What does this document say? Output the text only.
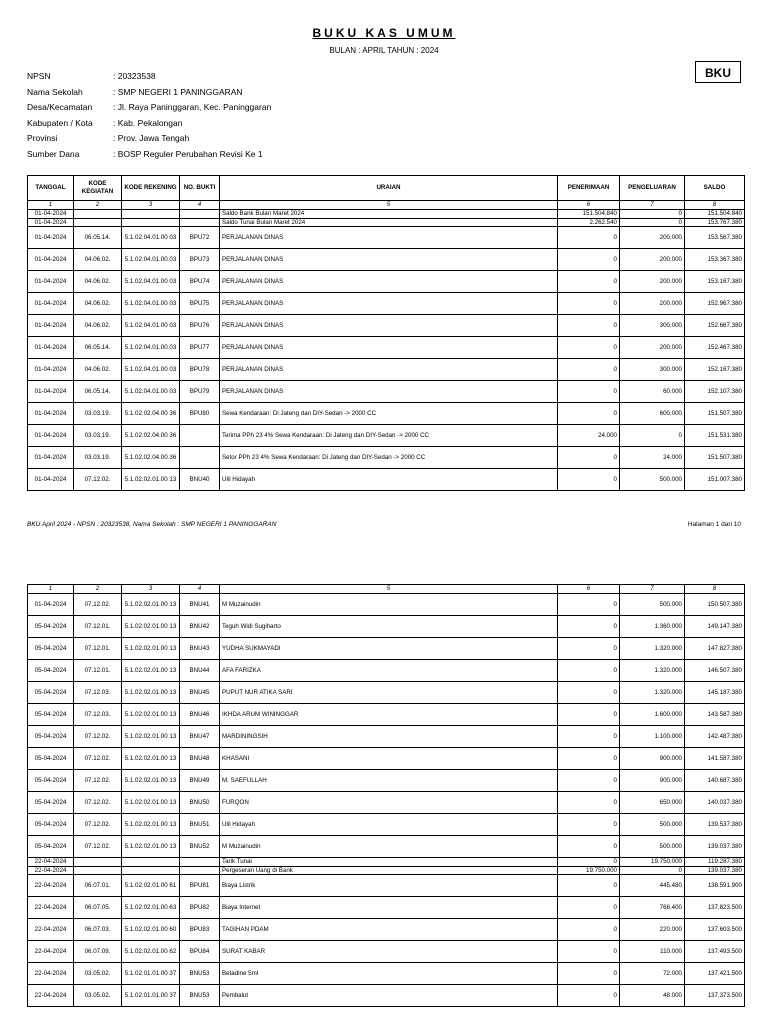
BUKU KAS UMUM
BULAN : APRIL TAHUN : 2024
BKU
NPSN	: 20323538
Nama Sekolah	: SMP NEGERI 1 PANINGGARAN
Desa/Kecamatan : Jl. Raya Paninggaran, Kec. Paninggaran
Kabupaten / Kota : Kab. Pekalongan
Provinsi	: Prov. Jawa Tengah
Sumber Dana	: BOSP Reguler Perubahan Revisi Ke 1
TANGGAL	KODE KEGIATAN	KODE REKENING	NO. BUKTI	URAIAN	PENERIMAAN	PENGELUARAN	SALDO
1	2	3	4	5	6	7	8
01-04-2024				Saldo Bank Bulan Maret 2024	151.504.840	0	151.504.840
01-04-2024				Saldo Tunai Bulan Maret 2024	2.262.540	0	153.767.380
01-04-2024	06.05.14.	5.1.02.04.01.00 03	BPU72	PERJALANAN DINAS	0	200.000	153.567.380
01-04-2024	04.06.02.	5.1.02.04.01.00 03	BPU73	PERJALANAN DINAS	0	200.000	153.367.380
01-04-2024	04.06.02.	5.1.02.04.01.00 03	BPU74	PERJALANAN DINAS	0	200.000	153.167.380
01-04-2024	04.06.02.	5.1.02.04.01.00 03	BPU75	PERJALANAN DINAS	0	200.000	152.967.380
01-04-2024	04.06.02.	5.1.02.04.01.00 03	BPU76	PERJALANAN DINAS	0	300.000	152.667.380
01-04-2024	06.05.14.	5.1.02.04.01.00 03	BPU77	PERJALANAN DINAS	0	200.000	152.467.380
01-04-2024	04.06.02.	5.1.02.04.01.00 03	BPU78	PERJALANAN DINAS	0	300.000	152.167.380
01-04-2024	06.05.14.	5.1.02.04.01.00 03	BPU79	PERJALANAN DINAS	0	60.000	152.107.380
01-04-2024	03.03.19.	5.1.02.02.04.00 36	BPU80	Sewa Kendaraan: Di Jateng dan DIY-Sedan -> 2000 CC	0	600.000	151.507.380
01-04-2024	03.03.19.	5.1.02.02.04.00 36		Terima PPh 23 4% Sewa Kendaraan: Di Jateng dan DIY-Sedan -> 2000 CC	24.000	0	151.531.380
01-04-2024	03.03.19.	5.1.02.02.04.00 36		Setor PPh 23 4% Sewa Kendaraan: Di Jateng dan DIY-Sedan -> 2000 CC	0	24.000	151.507.380
01-04-2024	07.12.02.	5.1.02.02.01.00 13	BNU40	Ulil Hidayah	0	500.000	151.007.380
BKU April 2024 - NPSN : 20323538, Nama Sekolah : SMP NEGERI 1 PANINGGARAN	Halaman 1 dari 10
1	2	3	4	5	6	7	8
01-04-2024	07.12.02.	5.1.02.02.01.00 13	BNU41	M Muzainudin	0	500.000	150.507.380
05-04-2024	07.12.01.	5.1.02.02.01.00 13	BNU42	Teguh Widi Sugiharto	0	1.360.000	149.147.380
05-04-2024	07.12.01.	5.1.02.02.01.00 13	BNU43	YUDHA SUKMAYADI	0	1.320.000	147.827.380
05-04-2024	07.12.01.	5.1.02.02.01.00 13	BNU44	AFA FARIZKA	0	1.320.000	146.507.380
05-04-2024	07.12.03.	5.1.02.02.01.00 13	BNU45	PUPUT NUR ATIKA SARI	0	1.320.000	145.187.380
05-04-2024	07.12.03.	5.1.02.02.01.00 13	BNU46	IKHDA ARUM WININGGAR	0	1.600.000	143.587.380
05-04-2024	07.12.02.	5.1.02.02.01.00 13	BNU47	MARDININGSIH	0	1.100.000	142.487.380
05-04-2024	07.12.02.	5.1.02.02.01.00 13	BNU48	KHASANI	0	900.000	141.587.380
05-04-2024	07.12.02.	5.1.02.02.01.00 13	BNU49	M. SAEFULLAH	0	900.000	140.687.380
05-04-2024	07.12.02.	5.1.02.02.01.00 13	BNU50	FURQON	0	650.000	140.037.380
05-04-2024	07.12.02.	5.1.02.02.01.00 13	BNU51	Ulil Hidayah	0	500.000	139.537.380
05-04-2024	07.12.02.	5.1.02.02.01.00 13	BNU52	M Muzainudin	0	500.000	139.037.380
22-04-2024				Tarik Tunai	0	19.750.000	119.287.380
22-04-2024				Pergeseran Uang di Bank	19.750.000	0	139.037.380
22-04-2024	06.07.01.	5.1.02.02.01.00 61	BPU81	Biaya Listrik	0	445.480	138.591.900
22-04-2024	06.07.05.	5.1.02.02.01.00 63	BPU82	Biaya Internet	0	768.400	137.823.500
22-04-2024	06.07.03.	5.1.02.02.01.00 60	BPU83	TAGIHAN PDAM	0	220.000	137.603.500
22-04-2024	06.07.09.	5.1.02.02.01.00 62	BPU84	SURAT KABAR	0	110.000	137.493.500
22-04-2024	03.05.02.	5.1.02.01.01.00 37	BNU53	Betadine 5ml	0	72.000	137.421.500
22-04-2024	03.05.02.	5.1.02.01.01.00 37	BNU53	Pembalut	0	48.000	137.373.500
